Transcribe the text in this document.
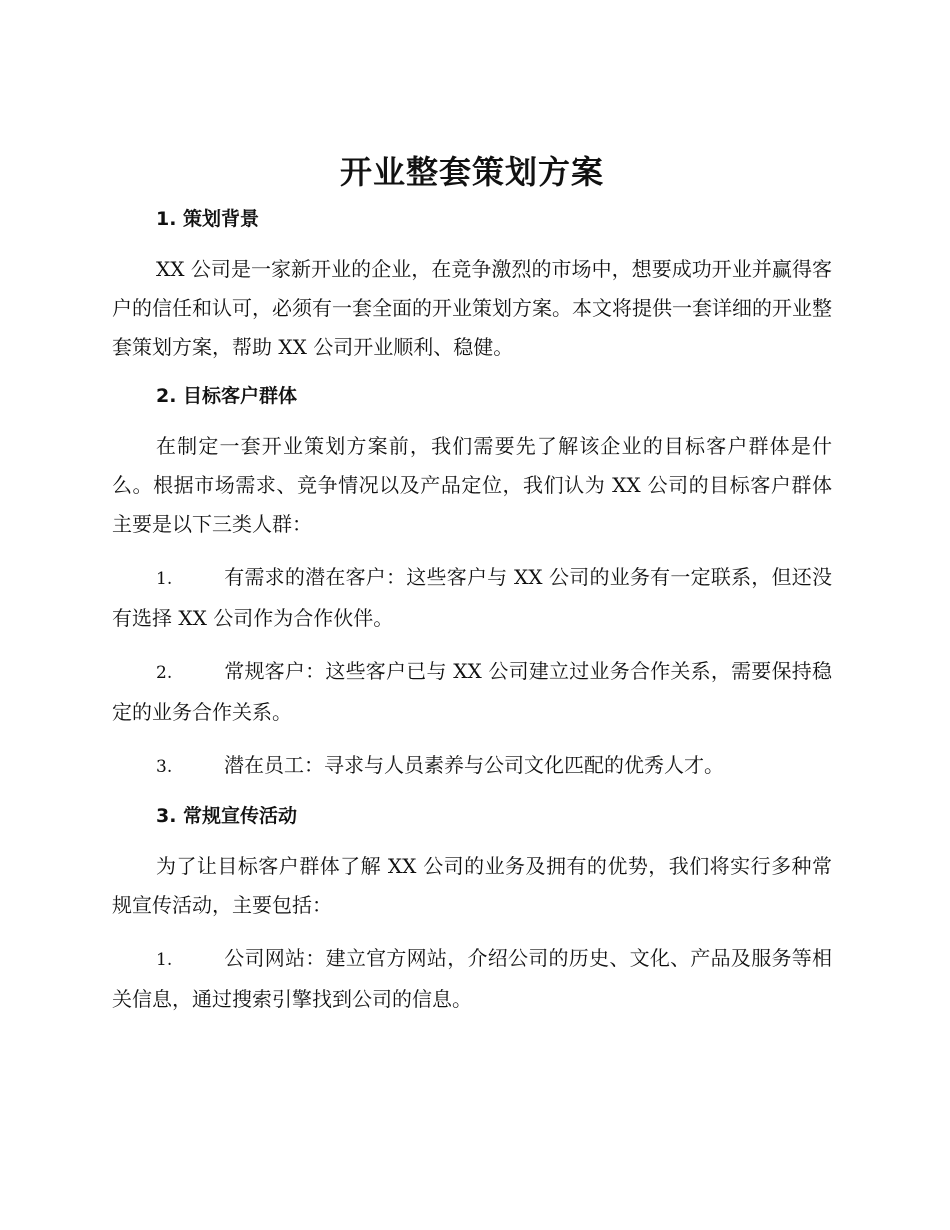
开业整套策划方案
1. 策划背景

XX 公司是一家新开业的企业，在竞争激烈的市场中，想要成功开业并赢得客户的信任和认可，必须有一套全面的开业策划方案。本文将提供一套详细的开业整套策划方案，帮助 XX 公司开业顺利、稳健。

2. 目标客户群体

在制定一套开业策划方案前，我们需要先了解该企业的目标客户群体是什么。根据市场需求、竞争情况以及产品定位，我们认为 XX 公司的目标客户群体主要是以下三类人群：

1.	有需求的潜在客户：这些客户与 XX 公司的业务有一定联系，但还没有选择 XX 公司作为合作伙伴。

2.	常规客户：这些客户已与 XX 公司建立过业务合作关系，需要保持稳定的业务合作关系。

3.	潜在员工：寻求与人员素养与公司文化匹配的优秀人才。

3. 常规宣传活动

为了让目标客户群体了解 XX 公司的业务及拥有的优势，我们将实行多种常规宣传活动，主要包括：

1.	公司网站：建立官方网站，介绍公司的历史、文化、产品及服务等相关信息，通过搜索引擎找到公司的信息。
